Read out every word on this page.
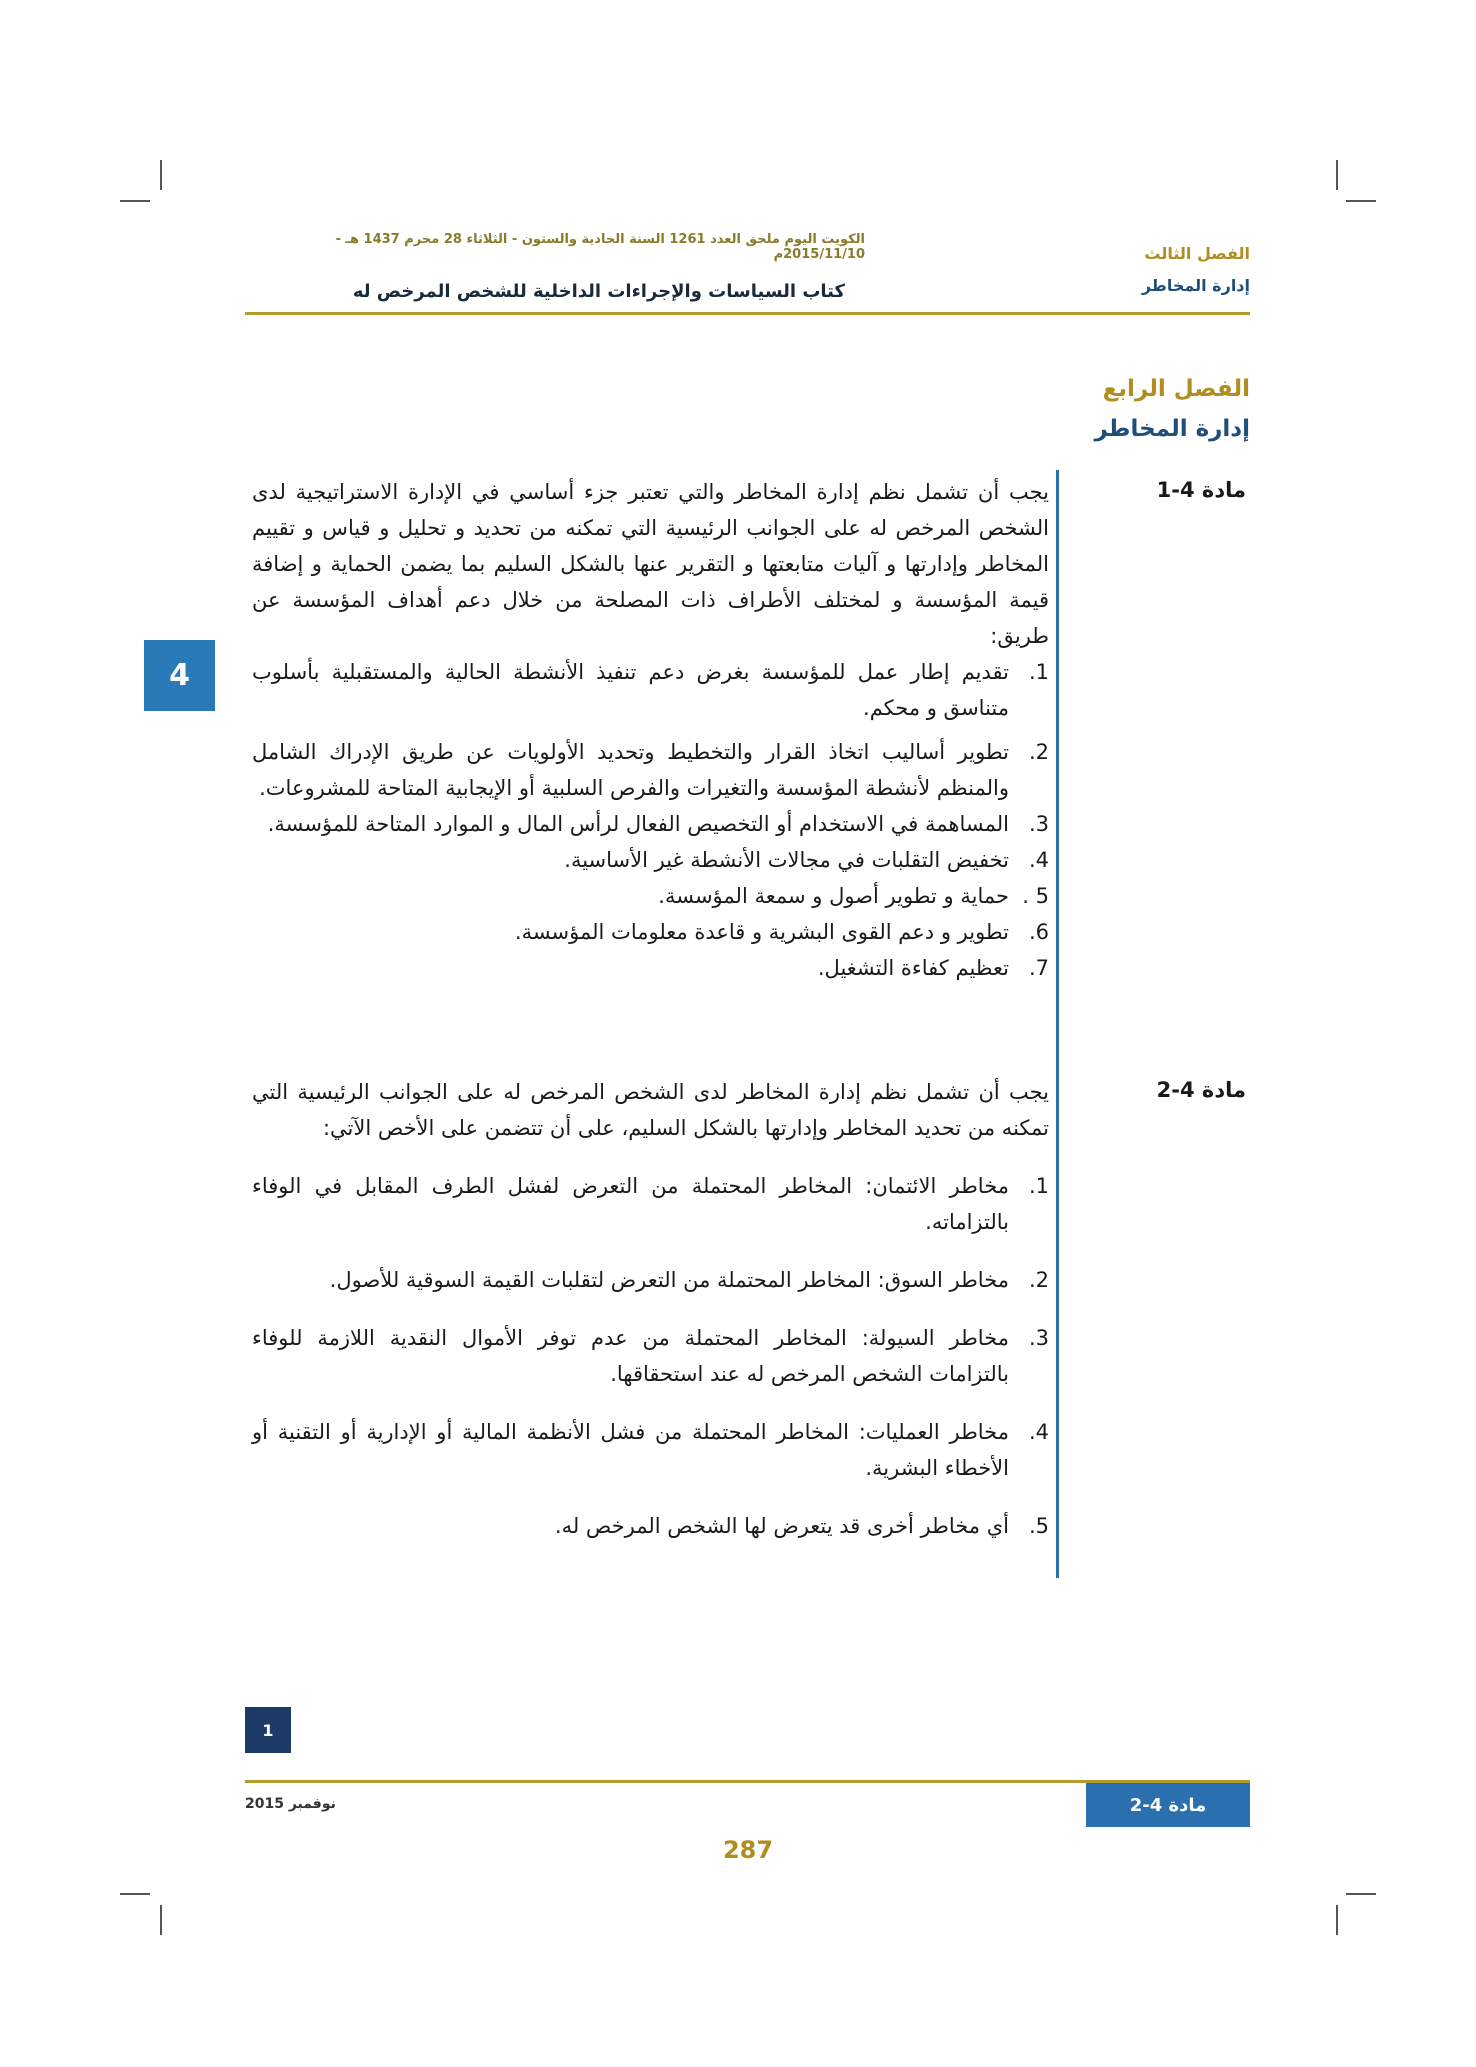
الكويت اليوم ملحق العدد 1261 السنة الحادية والستون - الثلاثاء 28 محرم 1437 هـ - 2015/11/10م	الفصل الثالث
إدارة المخاطر
كتاب السياسات والإجراءات الداخلية للشخص المرخص له
الفصل الرابع
إدارة المخاطر
4
مادة 4-1

يجب أن تشمل نظم إدارة المخاطر والتي تعتبر جزء أساسي في الإدارة الاستراتيجية لدى الشخص المرخص له على الجوانب الرئيسية التي تمكنه من تحديد و تحليل و قياس و تقييم المخاطر وإدارتها و آليات متابعتها و التقرير عنها بالشكل السليم بما يضمن الحماية و إضافة قيمة المؤسسة و لمختلف الأطراف ذات المصلحة من خلال دعم أهداف المؤسسة عن طريق:

1.
تقديم إطار عمل للمؤسسة بغرض دعم تنفيذ الأنشطة الحالية والمستقبلية بأسلوب متناسق و محكم.
2.
تطوير أساليب اتخاذ القرار والتخطيط وتحديد الأولويات عن طريق الإدراك الشامل والمنظم لأنشطة المؤسسة والتغيرات والفرص السلبية أو الإيجابية المتاحة للمشروعات.
3.
المساهمة في الاستخدام أو التخصيص الفعال لرأس المال و الموارد المتاحة للمؤسسة.
4.
تخفيض التقلبات في مجالات الأنشطة غير الأساسية.
5 .
حماية و تطوير أصول و سمعة المؤسسة.
6.
تطوير و دعم القوى البشرية و قاعدة معلومات المؤسسة.
7.
تعظيم كفاءة التشغيل.
مادة 4-2

يجب أن تشمل نظم إدارة المخاطر لدى الشخص المرخص له على الجوانب الرئيسية التي تمكنه من تحديد المخاطر وإدارتها بالشكل السليم، على أن تتضمن على الأخص الآتي:

1.
مخاطر الائتمان: المخاطر المحتملة من التعرض لفشل الطرف المقابل في الوفاء بالتزاماته.
2.
مخاطر السوق: المخاطر المحتملة من التعرض لتقلبات القيمة السوقية للأصول.
3.
مخاطر السيولة: المخاطر المحتملة من عدم توفر الأموال النقدية اللازمة للوفاء بالتزامات الشخص المرخص له عند استحقاقها.
4.
مخاطر العمليات: المخاطر المحتملة من فشل الأنظمة المالية أو الإدارية أو التقنية أو الأخطاء البشرية.
5.
أي مخاطر أخرى قد يتعرض لها الشخص المرخص له.
1
نوفمبر 2015	مادة 4-2
287
